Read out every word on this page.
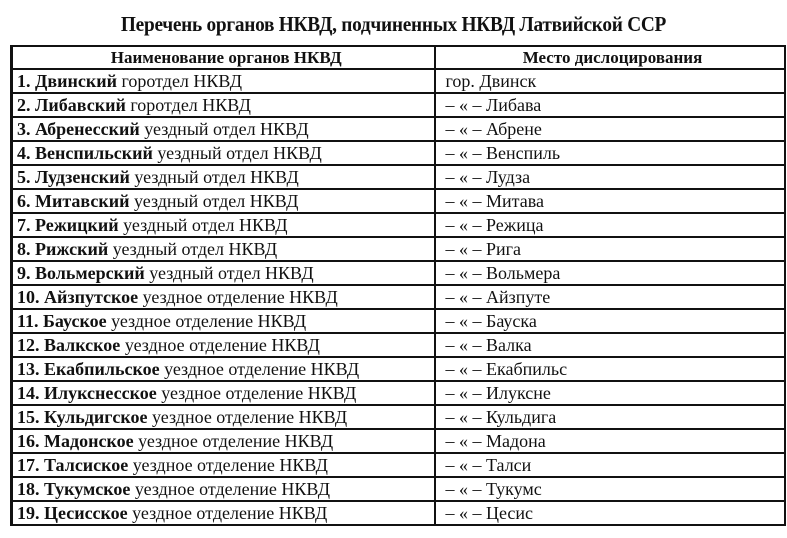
Перечень органов НКВД, подчиненных НКВД Латвийской ССР
Наименование органов НКВД	Место дислоцирования
1. Двинский горотдел НКВД	гор. Двинск
2. Либавский горотдел НКВД	– « – Либава
3. Абренесский уездный отдел НКВД	– « – Абрене
4. Венспильский уездный отдел НКВД	– « – Венспиль
5. Лудзенский уездный отдел НКВД	– « – Лудза
6. Митавский уездный отдел НКВД	– « – Митава
7. Режицкий уездный отдел НКВД	– « – Режица
8. Рижский уездный отдел НКВД	– « – Рига
9. Вольмерский уездный отдел НКВД	– « – Вольмера
10. Айзпутское уездное отделение НКВД	– « – Айзпуте
11. Бауское уездное отделение НКВД	– « – Бауска
12. Валкское уездное отделение НКВД	– « – Валка
13. Екабпильское уездное отделение НКВД	– « – Екабпильс
14. Илукснесское уездное отделение НКВД	– « – Илуксне
15. Кульдигское уездное отделение НКВД	– « – Кульдига
16. Мадонское уездное отделение НКВД	– « – Мадона
17. Талсиское уездное отделение НКВД	– « – Талси
18. Тукумское уездное отделение НКВД	– « – Тукумс
19. Цесисское уездное отделение НКВД	– « – Цесис
